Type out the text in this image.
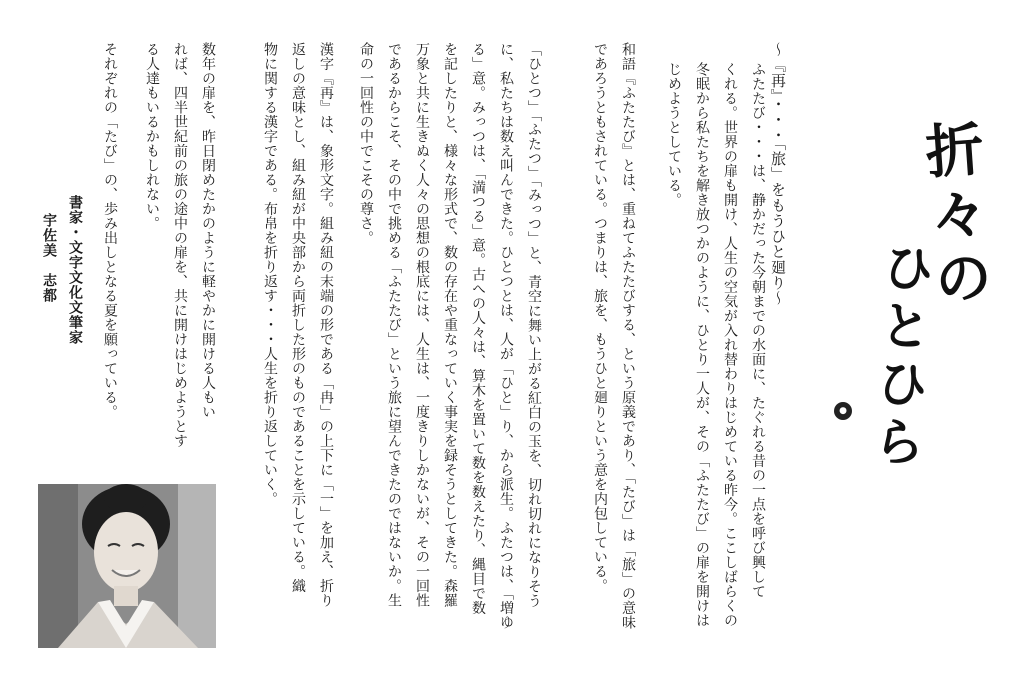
折々の
ひとひら
●
～『再』・・・「旅」をもうひと廻り～
ふたたび・・・は、静かだった今朝までの水面に、たぐれる昔の一点を呼び興して
くれる。世界の扉も開け、人生の空気が入れ替わりはじめている昨今。ここしばらくの
冬眠から私たちを解き放つかのように、ひとり一人が、その「ふたたび」の扉を開けは
じめようとしている。
和語『ふたたび』とは、重ねてふたたびする、という原義であり、「たび」は「旅」の意味
であろうともされている。つまりは、旅を、もうひと廻りという意を内包している。
「ひとつ」「ふたつ」「みっつ」と、青空に舞い上がる紅白の玉を、切れ切れになりそう
に、私たちは数え叫んできた。ひとつとは、人が「ひと」り、から派生。ふたつは、「増ゆ
る」意。みっつは、「満つる」意。古への人々は、算木を置いて数を数えたり、縄目で数
を記したりと、様々な形式で、数の存在や重なっていく事実を録そうとしてきた。森羅
万象と共に生きぬく人々の思想の根底には、人生は、一度きりしかないが、その一回性
であるからこそ、その中で挑める「ふたたび」という旅に望んできたのではないか。生
命の一回性の中でこその尊さ。
漢字『再』は、象形文字。組み紐の末端の形である「冉」の上下に「一」を加え、折り
返しの意味とし、組み紐が中央部から両折した形のものであることを示している。織
物に関する漢字である。布帛を折り返す・・・人生を折り返していく。
数年の扉を、昨日閉めたかのように軽やかに開ける人もい
れば、四半世紀前の旅の途中の扉を、共に開けはじめようとす
る人達もいるかもしれない。
それぞれの「たび」の、歩み出しとなる夏を願っている。
書家・文字文化文筆家
宇佐美　志都
